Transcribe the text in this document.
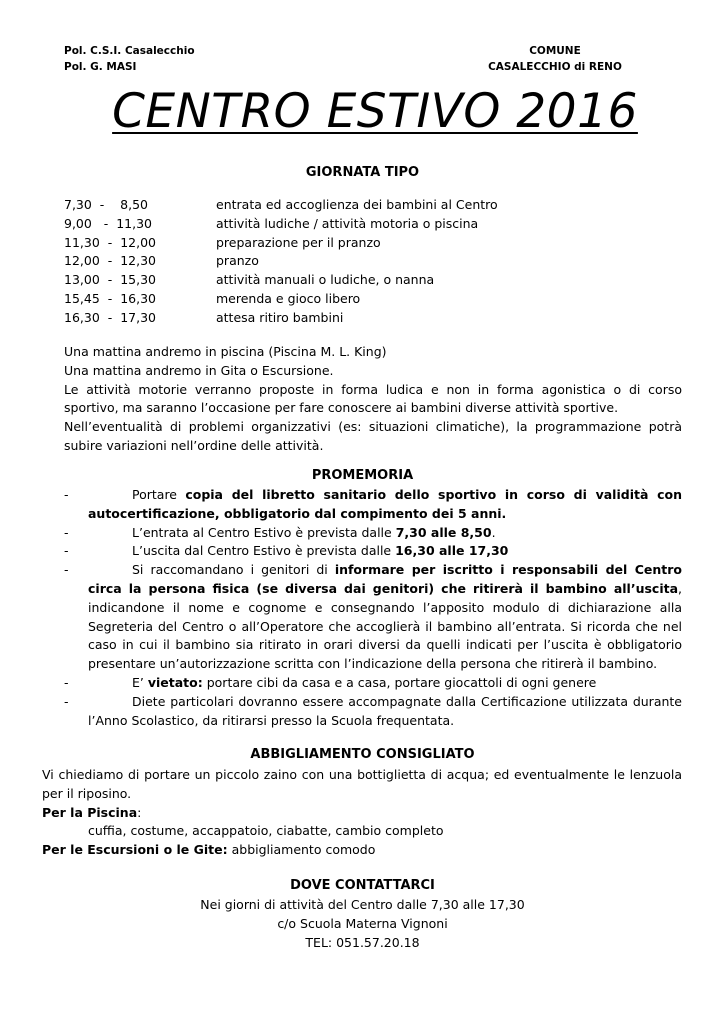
Pol. C.S.I. Casalecchio
Pol. G. MASI
COMUNE
CASALECCHIO di RENO
CENTRO ESTIVO 2016
GIORNATA TIPO
7,30  -    8,50	entrata ed accoglienza dei bambini al Centro
9,00   -  11,30	attività ludiche / attività motoria o piscina
11,30  -  12,00	preparazione per il pranzo
12,00  -  12,30	pranzo
13,00  -  15,30	attività manuali o ludiche, o nanna
15,45  -  16,30	merenda e gioco libero
16,30  -  17,30	attesa ritiro bambini

Una mattina andremo in piscina (Piscina M. L. King)

Una mattina andremo in Gita o Escursione.

Le attività motorie verranno proposte in forma ludica e non in forma agonistica o di corso sportivo, ma saranno l’occasione per fare conoscere ai bambini diverse attività sportive.

Nell’eventualità di problemi organizzativi (es: situazioni climatiche), la programmazione potrà subire variazioni nell’ordine delle attività.

PROMEMORIA
-	Portare copia del libretto sanitario dello sportivo in corso di validità con autocertificazione, obbligatorio dal compimento dei 5 anni.
-	L’entrata al Centro Estivo è prevista dalle 7,30 alle 8,50.
-	L’uscita dal Centro Estivo è prevista dalle 16,30 alle 17,30
-	Si raccomandano i genitori di informare per iscritto i responsabili del Centro circa la persona fisica (se diversa dai genitori) che ritirerà il bambino all’uscita, indicandone il nome e cognome e consegnando l’apposito modulo di dichiarazione alla Segreteria del Centro o all’Operatore che accoglierà il bambino all’entrata. Si ricorda che nel caso in cui il bambino sia ritirato in orari diversi da quelli indicati per l’uscita è obbligatorio presentare un’autorizzazione scritta con l’indicazione della persona che ritirerà il bambino.
-	E’ vietato: portare cibi da casa e a casa, portare giocattoli di ogni genere
-	Diete particolari dovranno essere accompagnate dalla Certificazione utilizzata durante l’Anno Scolastico, da ritirarsi presso la Scuola frequentata.
ABBIGLIAMENTO CONSIGLIATO

Vi chiediamo di portare un piccolo zaino con una bottiglietta di acqua; ed eventualmente le lenzuola per il riposino.

Per la Piscina:

cuffia, costume, accappatoio, ciabatte, cambio completo

Per le Escursioni o le Gite: abbigliamento comodo

DOVE CONTATTARCI

Nei giorni di attività del Centro dalle 7,30 alle 17,30

c/o Scuola Materna Vignoni

TEL: 051.57.20.18
